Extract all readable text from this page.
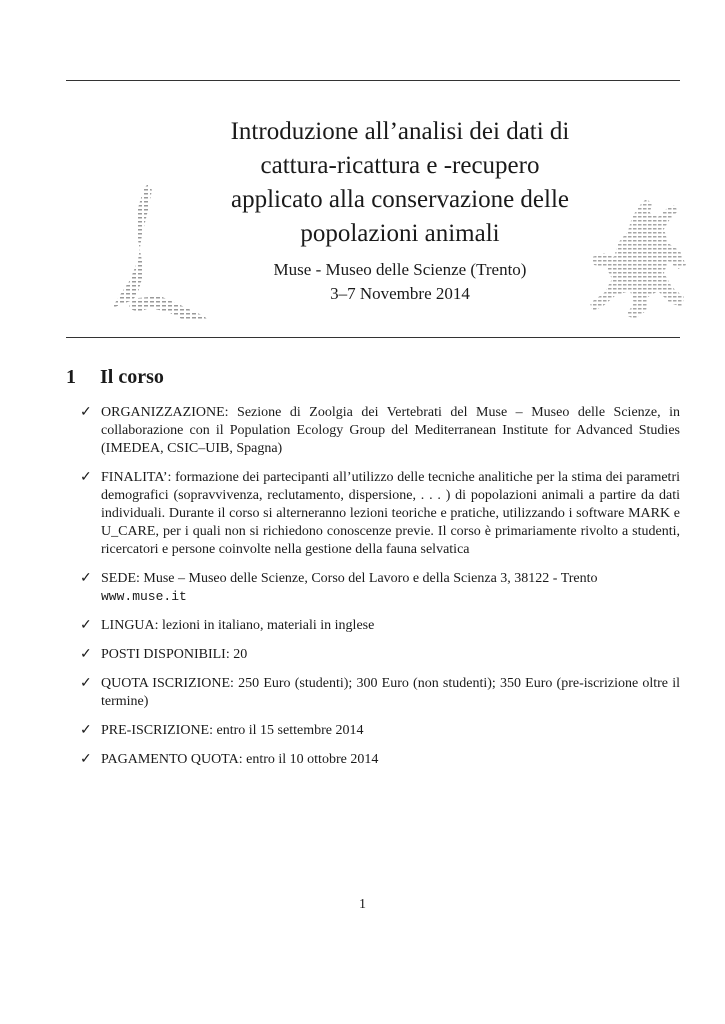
Introduzione all’analisi dei dati di
cattura-ricattura e -recupero
applicato alla conservazione delle
popolazioni animali
Muse - Museo delle Scienze (Trento)
3–7 Novembre 2014
1 Il corso
✓ ORGANIZZAZIONE: Sezione di Zoolgia dei Vertebrati del Muse – Museo delle Scienze, in collaborazione con il Population Ecology Group del Mediterranean Institute for Advanced Studies (IMEDEA, CSIC–UIB, Spagna)
✓ FINALITA’: formazione dei partecipanti all’utilizzo delle tecniche analitiche per la stima dei parametri demografici (sopravvivenza, reclutamento, dispersione, . . . ) di popolazioni animali a partire da dati individuali. Durante il corso si alterneranno lezioni teoriche e pratiche, utilizzando i software MARK e U_CARE, per i quali non si richiedono conoscenze previe. Il corso è primariamente rivolto a studenti, ricercatori e persone coinvolte nella gestione della fauna selvatica
✓ SEDE: Muse – Museo delle Scienze, Corso del Lavoro e della Scienza 3, 38122 - Trento
www.muse.it
✓ LINGUA: lezioni in italiano, materiali in inglese
✓ POSTI DISPONIBILI: 20
✓ QUOTA ISCRIZIONE: 250 Euro (studenti); 300 Euro (non studenti); 350 Euro (pre-iscrizione oltre il termine)
✓ PRE-ISCRIZIONE: entro il 15 settembre 2014
✓ PAGAMENTO QUOTA: entro il 10 ottobre 2014
1
